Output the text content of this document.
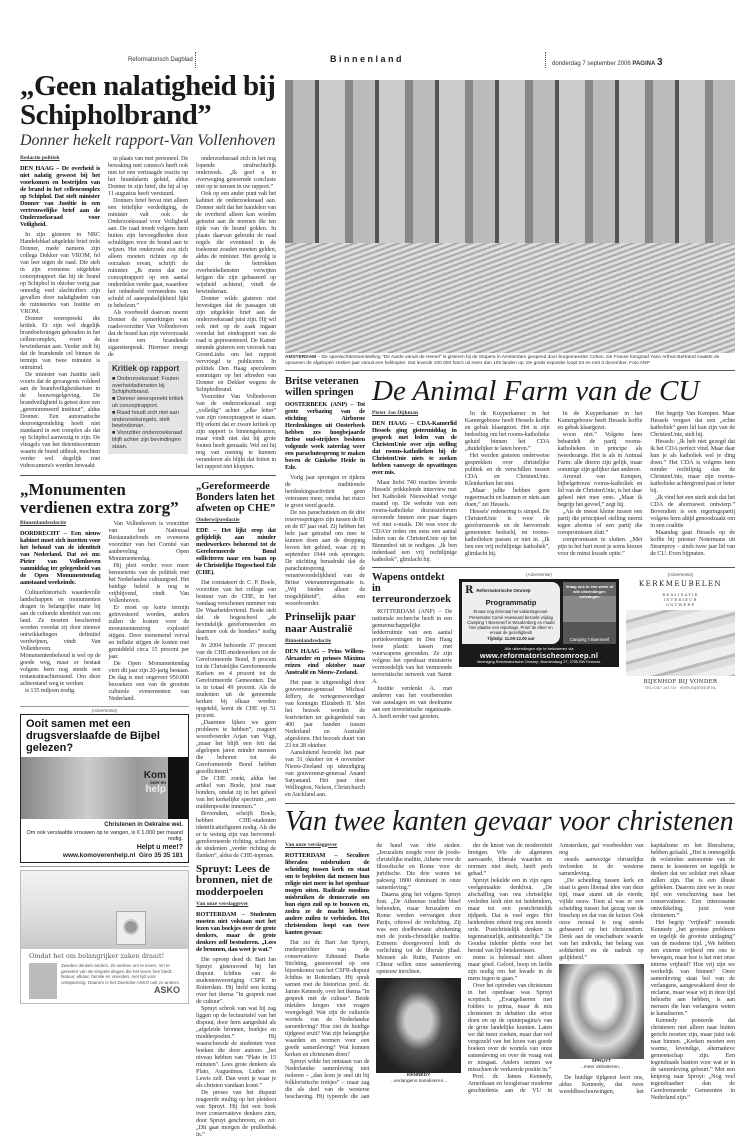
Reformatorisch Dagblad	Binnenland	donderdag 7 september 2006 PAGINA 3
„Geen nalatigheid bij Schipholbrand”
Donner hekelt rapport-Van Vollenhoven
Redactie politiek

DEN HAAG – De overheid is niet nalatig geweest bij het voorkomen en bestrijden van de brand in het cellencomplex op Schiphol. Dat stelt minister Donner van Justitie in een vertrouwelijke brief aan de Onderzoeksraad voor Veiligheid.

In zijn gisteren in NRC Handelsblad uitgelekte brief trekt Donner, mede namens zijn collega Dekker van VROM, fel van leer tegen de raad. Die stelt in zijn eveneens uitgelekte conceptrapport dat bij de brand op Schiphol in oktober vorig jaar onnodig veel slachtoffers zijn gevallen door nalatigheden van de ministeries van Justitie en VROM.

Donner weerspreekt die kritiek. Er zijn wel degelijk brandoefeningen gehouden in het cellencomplex, voert de bewindsman aan. Verder stelt hij dat de brandende cel binnen de termijn van twee minuten is ontruimd.

De minister van Justitie stelt voorts dat de gevangenis voldeed aan de brandveiligheidseisen in de bouwregelgeving. De brandveiligheid is getest door een „gerenommeerd instituut”, aldus Donner. Een automatische deurontgrendeling hoeft niet standaard in een complex als dat op Schiphol aanwezig te zijn. De vleugels van het detentiecentrum waarin de brand uitbrak, mochten verder wel degelijk met videocamera's worden bewaakt

in plaats van met personeel. De bewaking met camera's heeft ook niet tot een vertraagde reactie op het brandalarm geleid, aldus Donner in zijn brief, die hij al op 11 augustus heeft verstuurd.

Donners brief bevat niet alleen een feitelijke verdediging, de minister valt ook de Onderzoeksraad voor Veiligheid aan. De raad treedt volgens hem buiten zijn bevoegdheden door schuldigen voor de brand aan te wijzen. Het onderzoek zou zich alleen moeten richten op de oorzaken ervan, schrijft de minister. „Ik meen dat uw conceptrapport op een aantal onderdelen verder gaat, waardoor het onbedoeld vermeedens van schuld of aansprakelijkheid lijkt te behelzen.”

Als voorbeeld daarvan noemt Donner de opmerkingen van raadsvoorzitter Van Vollenhoven dat de brand kan zijn veroorzaakt door een brandende sigarettenpeuk. Hiermee mengt de

Kritiek op rapport
■ Onderzoeksraad: Fouten overheidsdiensten bij Schipholbrand.
■ Donner weerspreekt kritiek uit conceptrapport.
■ Raad houdt zich niet aan onderzoeksregels, stelt bewindsman.
■ Voorzitter onderzoeksraad blijft achter zijn bevindingen staan.

onderzoeksraad zich in het nog lopende strafrechtelijk onderzoek. „Ik geef u in overweging genoemde conclusie niet op te nemen in uw rapport.”

Ook op een ander punt valt het kabinet de onderzoeksraad aan. Donner stelt dat het handelen van de overheid alleen kan worden getoetst aan de normen die ten tijde van de brand golden. In plaats daarvan gebruikt de raad regels die eventueel in de toekomst zouden moeten gelden, aldus de minister. Het gevolg is dat de betrokken overheidsdiensten verwijten krijgen die zijn gebaseerd op wijsheid achteraf, vindt de bewindsman.

Donner wilde gisteren niet bevestigen dat de passages uit zijn uitgelekte brief aan de onderzoeksraad juist zijn. Hij wil ook niet op de zaak ingaan voordat het eindrapport van de raad is gepresenteerd. De Kamer steunde gisteren een verzoek van GroenLinks om het rapport vervroegd te publiceren. In politiek Den Haag speculeren sommigen op het aftreden van Donner en Dekker wegens de Schipholbrand.

Voorzitter Van Vollenhoven van de onderzoeksraad zegt „volledig” achter „elke letter” van zijn conceptrapport te staan. Hij erkent dat er zware kritiek op zijn rapport is binnengekomen, maar vindt niet dat hij grote fouten heeft gemaakt. Wel zei hij nog van mening te kunnen veranderen als blijkt dat feiten in het rapport niet kloppen.

„Monumenten verdienen extra zorg”
Binnenlandredactie

DORDRECHT – Een nieuw kabinet moet zich inzetten voor het behoud van de identiteit van Nederland. Dat zei mr. Pieter van Vollenhoven vanmiddag ter gelegenheid van de Open Monumentendag aanstaand weekeinde.

Cultuurhistorisch waardevolle landschappen en monumenten dragen in belangrijke mate bij aan de culturele identiteit van ons land. Ze moeten beschermd worden voordat zij door nieuwe ontwikkelingen definitief verdwijnen, vindt Van Vollenhoven. Monumentenbehoud is wel op de goede weg, maar er bestaat volgens hem nog steeds een restauratieachterstand. Om deze achterstand weg te werken

is 135 miljoen nodig.

Van Vollenhoven is voorzitter van het Nationaal Restauratiefonds en eveneens voorzitter van het Comité van aanbeveling Open Monumentendag.

Hij pleit verder voor meer bemoeienis van de politiek met het Nederlandse cultuurgoed. Het huidige beleid is nog te vrijblijvend, vindt Van Vollenhoven.

Er moet op korte termijn geïnvesteerd worden, anders zullen de kosten voor de monumentenzorg explosief stijgen. Door toenemend verval en inflatie stijgen de kosten met gemiddeld circa 15 procent per jaar.

De Open Monumentendag viert dit jaar zijn 20-jarig bestaan. De dag is met ongeveer 950.000 bezoekers een van de grootste culturele evenementen van Nederland.

(Advertentie)
Ooit samen met een drugsverslaafde de Bijbel gelezen?
Kom
over en
help
Christenen in Oekraïne wel.
Om ook verslaafde vrouwen op te vangen, is € 1.000 per maand nodig.
Helpt u mee!?
www.komoverenhelp.nl Giro 35 35 181
Omdat het om belangrijker zaken draait!
Zweden denken anders. Ze werken om te leven, om te genieten van de simpele dingen die het leven hen biedt. Natuur, elkaar, familie en vrienden, met tijd voor ontspanning. Daarom is het Zweedse ASKO ook zo anders.
ASKO
„Gereformeerde Bonders laten het afweten op CHE”
Onderwijsredactie

EDE – Het lijkt erop dat gelijdelijk aan minder medewerkers behorend tot de Gereformeerde Bond solliciteren naar een baan op de Christelijke Hogeschool Ede (CHE).

Dat constateert dr. C. P. Boele, voorzitter van het college van bestuur van de CHE, in het vandaag verschenen nummer van De Waarheidsvriend. Boele stelt dat de hogeschool „de bevindelijk gereformeerden en daarmee ook de bonders” nodig heeft.

In 2004 behoorde 37 procent van de CHE-medewerkers tot de Gereformeerde Bond, 8 procent tot de Christelijke Gereformeerde Kerken en 4 procent tot de Gereformeerde Gemeenten. Dat is in totaal 49 procent. Als de studenten uit de genoemde kerken bij elkaar worden opgeteld, komt de CHE op 51 procent.

„Daarmee lijken we geen probleem te hebben”, reageert woordvoerder Arjan van Vugt, „maar het blijft een feit dat afgelopen jaren minder mensen die behoren tot de Gereformeerde Bond hebben gesolliciteerd.”

De CHE zoekt, aldus het artikel van Boele, juist naar bonders, omdat zij in het geheel van het kerkelijke spectrum „een middenpositie innemen.”

Bovendien, schrijft Boele, hebben CHE-studenten identificatiefiguren nodig. Als die er te weinig zijn van hervormd-gereformeerde richting, schuiven de studenten „verder richting de flanken”, aldus de CHE-topman.

Spruyt: Lees de bronnen, niet de modderpoelen
Van onze verslaggever

ROTTERDAM – Studenten moeten niet volstaan met het lezen van boekjes over de grote denkers, maar de grote denkers zelf bestuderen. „Lees de bronnen, dan weet je wat.”

Die oproep deed dr. Bart Jan Spruyt gisteravond bij het dispuut Ichthus van de studentenvereniging CSFR in Rotterdam. Hij hield een lezing over het thema "In gesprek met de cultuur".

Spruyt schrok van wat hij zag liggen op de lectuurtafel van het dispuut, door hem aangeduid als „afgeleide bronnen, boekjes en modderpoelen.” Hij waarschuwde de studenten voor boeken die door auteurs „het niveau hebben van "Plato in 15 minuten". Lees grote denkers als Plato, Augustinus, Luther en Lewis zelf. Dan weet je waar je als christen vandaan komt.”

De preses van het dispuut reageerde multig op het pleidooi van Spruyt. Hij liet een boek over conservatieve denkers zien, door Spruyt geschreven, en zei: „Dit gaat morgen de prullenbak in.”

AMSTERDAM – De openluchttentoonstelling "De Aarde vanuit de Hemel" is gisteren bij de Stopera in Amsterdam geopend door burgemeester Cohen. De Franse fotograaf Yann Arthus Bertrand maakte de opnamen de afgelopen zestien jaar vanuit een helikopter. Dat leverde 100.000 foto's uit meer dan 100 landen op. De gratis expositie loopt tot en met 3 december. Foto ANP
Britse veteranen willen springen

OOSTERBEEK (ANP) – Tot grote verbazing van de stichting Airborne Herdenkingen uit Oosterbeek hebben zes hoogbejaarde Britse oud-strijders besloten volgende week zaterdag weer een parachutesprong te maken boven de Ginkelse Heide in Ede.

Vorig jaar sprongen er tijdens de traditionele herdenkingsactiviteit geen veteranen meer, omdat het risico te groot werd geacht.

De zes parachutisten en de drie reservespringers zijn tussen de 81 en de 87 jaar oud. Zij hebben het hele jaar getraind om mee te kunnen doen aan de dropping boven het gebied, waar zij in september 1944 ook sprongen. De stichting benadrukt dat de parachutesprong de verantwoordelijkheid van de Britse veteranenorganisatie is. „Wij bieden alleen de mogelijkheid”, aldus een woordvoerder.

Prinselijk paar naar Australië
Binnenlandredactie

DEN HAAG – Prins Willem-Alexander en prinses Máxima reizen eind oktober naar Australië en Nieuw-Zeeland.

Het paar is uitgenodigd door gouverneur-generaal Micheal Jeffery, de vertegenwoordiger van koningin Elizabeth II. Met het bezoek worden de festiviteiten ter gelegenheid van 400 jaar banden tussen Nederland en Australië afgesloten. Het bezoek duurt van 23 tot 28 oktober.

Aansluitend bezoekt het paar van 31 oktober tot 4 november Nieuw-Zeeland op uitnodiging van gouverneur-generaal Anand Satyanand. Het paar doet Wellington, Nelson, Christchurch en Auckland aan.

De Animal Farm van de CU
Pieter Jan Dijkman

DEN HAAG – CDA-Kamerlid Hessels ging gistermiddag in gesprek met leden van de ChristenUnie over zijn stelling dat rooms-katholieken bij de ChristenUnie niets te zoeken hebben vanwege de opvattingen over mis.

Maar liefst 740 reacties leverde Hessels' prikkelende interview met het Katholiek Nieuwsblad vorige maand op. De website van een rooms-katholieke discussieforum stroomde binnen een paar dagen vol met e-mails. Dit was voor de CDA'er reden om eens een aantal leden van de ChristenUnie op het Binnenhof uit te nodigen. „Ik ben inderdaad een vrij rechtlijnige katholiek”, glimlacht hij.

In de Kuyperkamer in het Kamergebouw heeft Hessels koffie en gebak klaargezet. Het is zijn bedoeling om het rooms-katholieke geluid binnen het CDA „duidelijker te laten horen.”

Het werden gisteren onderwetse gesprekken over christelijke politiek en de verschillen tussen CDA en ChristenUnie. Kleinkerken het niet.

„Maar jullie hebben geen regeermacht en kunnen er niets aan doen,” zei Hessels.

Hessels' redenering is simpel. De ChristenUnie is voor de gereformeerde en de hervormde gemeenten bedoeld, en rooms-katholieken passen er niet in. „Ik ben een vrij rechtlijnige katholiek”, glimlacht hij.

In de Kuyperkamer in het Kamergebouw heeft Hessels koffie en gebak klaargezet.

woon niet.” Volgens hem behandelt de partij rooms-katholieken in principe als tweederangs. Het is als in Animal Farm: alle dieren zijn gelijk, maar sommige zijn gelijker dan anderen.

Arnoud van Kempen, bijbelgetrouw rooms-katholiek en lid van de ChristenUnie, is het daar geheel niet mee eens. „Maar ik begrijp het gevoel,” zegt hij.

„Als de meest kleine tussen een partij die principieel stelling neemt tegen abortus of een partij die compromissen sluit.”

compromissen te sluiten. „Met pijn in het hart moet je soms kiezen voor de minst kwade optie.”

Het begrijp Van Kempen. Maar Hessels vergeet dat een „echte katholiek” geen lid kan zijn van de ChristenUnie, stelt hij.

Hessels: „Ik heb niet gezegd dat ik het CDA perfect vind. Maar daar kun je als katholiek wel je ding doen.” Het CDA is volgens hem minder rechtlijnig dan de ChristenUnie, maar zijn rooms-katholieke achtergrond past er beter bij.

„Ik vind het een sterk stuk dat het CDA de abortuswet ontwierp.” Bovendien is een regeringspartij volgens hem altijd genoodzaakt om in een coalitie

Maandag gaat Hessels op de koffie bij priester Notermans uit Stramproy – sinds twee jaar lid van de CU. Even bijpraten.

Wapens ontdekt in terreuronderzoek

ROTTERDAM (ANP) – De nationale recherche heeft in een gemeenschappelijke ledderruimte van een aantal portiekwoningen in Den Haag twee plastic tassen met vuurwapens gevonden. Ze zijn volgens het openbaar ministerie vermoedelijk van het vermeende terroristische netwerk van Samir A.

Justitie verdenkt A. met anderen van het voorbereiden van aanslagen en van deelname aan een terroristische organisatie. A. heeft eerder vast gezeten.

(Advertentie)
R Reformatorische Omroep
Programmatip
Ervaar nog éénmaal het vakantiegevoel. Presentator Cornè Hoeweard bezoekt vrijdag Camping 't Boerenerf in Woudenberg en maakt hier plaatse een reportage. Proef de sfeer en ervaar de gezelligheid!
Tijdstip: 11.00-12.00 uur
Vraag ons in een week of alle uitzendingen ontvangen
Camping 't Boerenerf
Alle uitzendingen zijn te beluisteren via
www.reformatorischeomroep.nl
Vereniging Reformatorische Omroep, Bramendaog 27, 3755 BW Eemnes.
(Advertentie)
KERKMEUBELEN
REALISATIE
INTERIEUR
ONTWERP
BIJENHOF BIJ VONDER
TEL 0347 361710 · WWW.BIJENHOF.NL
Van twee kanten gevaar voor christenen
Van onze verslaggever

ROTTERDAM – Seculiere liberalen misbruiken de scheiding tussen kerk en staat om te bepleiten dat mensen hun religie niet meer in het openbaar mogen uiten. Radicale moslims misbruiken de democratie om hun eigen zuil op te bouwen en, zodra ze de macht hebben, andere zuilen te verbieden. Het christendom loopt van twee kanten gevaar.

Dat zei dr. Bart Jan Spruyt, medeoprichter van de conservatieve Edmund Burke Stichting, gisteravond op een bijeenkomst van het CSFR-dispuut Ichthus in Rotterdam. Hij sprak samen met de historicus prof. dr. James Kennedy, over het thema "In gesprek met de cultuur". Beide inleiders kregen vier vragen voorgelegd: Wat zijn de culturele wortels van de Nederlandse samenleving? Hoe ziet de huidige tijdgeest eruit? Wat zijn belangrijke waarden en normen voor een goede samenleving? Wat kunnen kerken en christenen doen?

Spruyt wilde het ontstaan van de Nederlandse samenleving niet isoleren – „dan kom je snel uit bij folkloristische trekjes” – maar zag die als deel van de westerse beschaving. Hij typeerde die aan de hand van drie steden. „Jeruzalem zorgde voor de joods-christelijke traditie, Athene voor de filosofische en Rome voor de juridische. Die drie waren tot pakweg 1800 dominant in onze samenleving.”

Daarna ging het volgens Spruyt fout. „De Atheense traditie bleef behouden, maar Jeruzalem en Rome werden vervangen door Parijs, oftewel de verlichting. Zij was een doelbewuste afrekening met de joods-christelijke traditie. Extreem doorgevoerd leidt de verlichting tot de liberale jihad. Mensen als Rutte, Pastors en Cliteur willen onze samenleving opnieuw inrichten.

KENNEDY
...verlangens kanaliseren...

der de knoet van de moderniteit brengen. Wie de algemeen aanvaarde, liberale waarden en normen niet deelt, heeft pech gehad.”

Spruyt hekelde een in zijn ogen veelgemaakte denkfout. „De afschaffing van ons christelijke verleden leidt niet tot heidendom, maar tot een postchristelijk tijdperk. Dat is veel erger. Het heidendom erkent nog een morele orde. Postchristelijk denken is tegennatuurlijk, antinatuurlijk.” De Goudse inleider pleitte voor het herstel van lijf-betekenissen.

mens is helemaal niet alleen maar goed. Geloof, hoop en liefde zijn nodig om het kwade in de mens tegen te gaan.”

Over het optreden van christenen in het openbaar was Spruyt sceptisch. „Evangeliseren met folders is prima, maar ik mis christenen in debatten die ertoe doen en op de opiniepagina's van de grote landelijke kranten. Laten we dát meer zoeken, maar dan wel vergezeld van het lezen van goede boeken over de wortels van onze samenleving en over de vraag wat er misgaat. Anders nemen we misschien de verkeerde positie in.”

Prof. dr. James Kennedy, Amerikaan en hoogleraar moderne geschiedenis aan de VU in Amsterdam, gaf voorbeelden van nog

steeds aanwezige christelijke invloeden in de westerse samenleving.

„De scheiding tussen kerk en staat is geen liberaal idee van deze tijd, maar stamt uit de vierde, vijfde eeuw. Toen al was er een scheiding tussen het gezag van de bisschop en dat van de keizer. Ook onze moraal is nog steeds gebaseerd op het christendom. Denk aan de onschatbare waarde van het individu, het belang van solidariteit en de nadruk op gelijkheid.”

SPRUYT
...meer debatteren...

De huidige tijdgeest leert ons, aldus Kennedy, dat twee wereldbeschouwingen, het kapitalisme en het liberalisme, hebben gefaald. „Het is onmogelijk de volstrekte autonomie van de mens te koesteren en tegelijk te denken dat we solidair met elkaar zullen zijn. Dat is een illusie gebleken. Daarom zien we in onze tijd een verschuiving naar het conservatisme. Een interessante ontwikkeling, juist voor christenen.”

Het begrip "vrijheid" noemde Kennedy „het grootste probleem en tegelijk de grootste uitdaging” van de moderne tijd. „We hebben een externe vrijheid om ons te bewegen, maar hoe is het met onze interne vrijheid? Hoe vrij zijn we werkelijk van binnen? Onze samenleving staat bol van de verlangens, aangewakkerd door de reclame, maar waar wij in deze tijd behoefte aan hebben, is aan mensen die hun verlangens weten te kanaliseren.”

Kennedy poneerde dat christenen niet alleen naar buiten gericht moeten zijn, maar juist ook naar binnen. „Kerken moeten een warme, levendige, alternatieve gemeenschap zijn. Een tegendraads bastion voor wat er in de samenleving gebeurt.” Met een knipoog naar Spruyt: „Nog veel tegendraadser dan de Gereformeerde Gemeenten in Nederland zijn.”
